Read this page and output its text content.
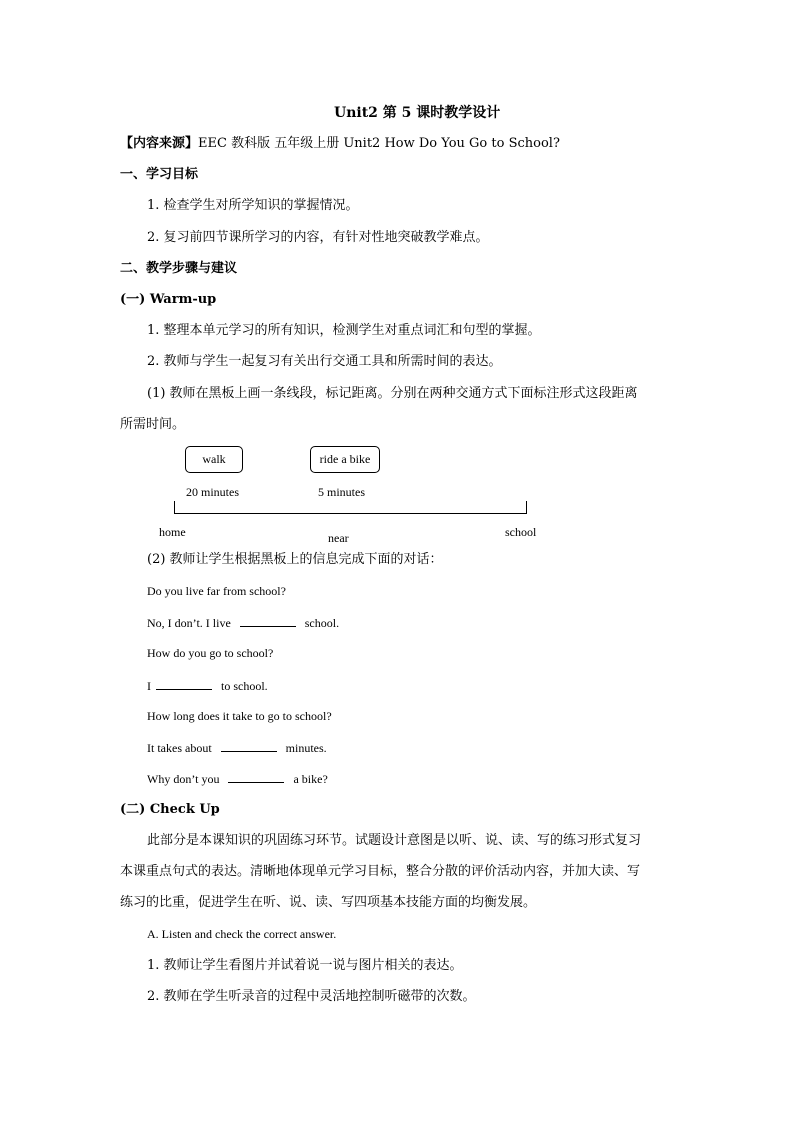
Unit2 第 5 课时教学设计
【内容来源】EEC 教科版 五年级上册 Unit2 How Do You Go to School?
一、学习目标
1. 检查学生对所学知识的掌握情况。
2. 复习前四节课所学习的内容，有针对性地突破教学难点。
二、教学步骤与建议
(一) Warm-up
1. 整理本单元学习的所有知识，检测学生对重点词汇和句型的掌握。
2. 教师与学生一起复习有关出行交通工具和所需时间的表达。
(1) 教师在黑板上画一条线段，标记距离。分别在两种交通方式下面标注形式这段距离
所需时间。
walk	ride a bike
20 minutes	5 minutes
home	near	school
(2) 教师让学生根据黑板上的信息完成下面的对话：
Do you live far from school?
No, I don’t. I live	school.
How do you go to school?
I	to school.
How long does it take to go to school?
It takes about	minutes.
Why don’t you	a bike?
(二) Check Up
此部分是本课知识的巩固练习环节。试题设计意图是以听、说、读、写的练习形式复习
本课重点句式的表达。清晰地体现单元学习目标，整合分散的评价活动内容，并加大读、写
练习的比重，促进学生在听、说、读、写四项基本技能方面的均衡发展。
A. Listen and check the correct answer.
1. 教师让学生看图片并试着说一说与图片相关的表达。
2. 教师在学生听录音的过程中灵活地控制听磁带的次数。
